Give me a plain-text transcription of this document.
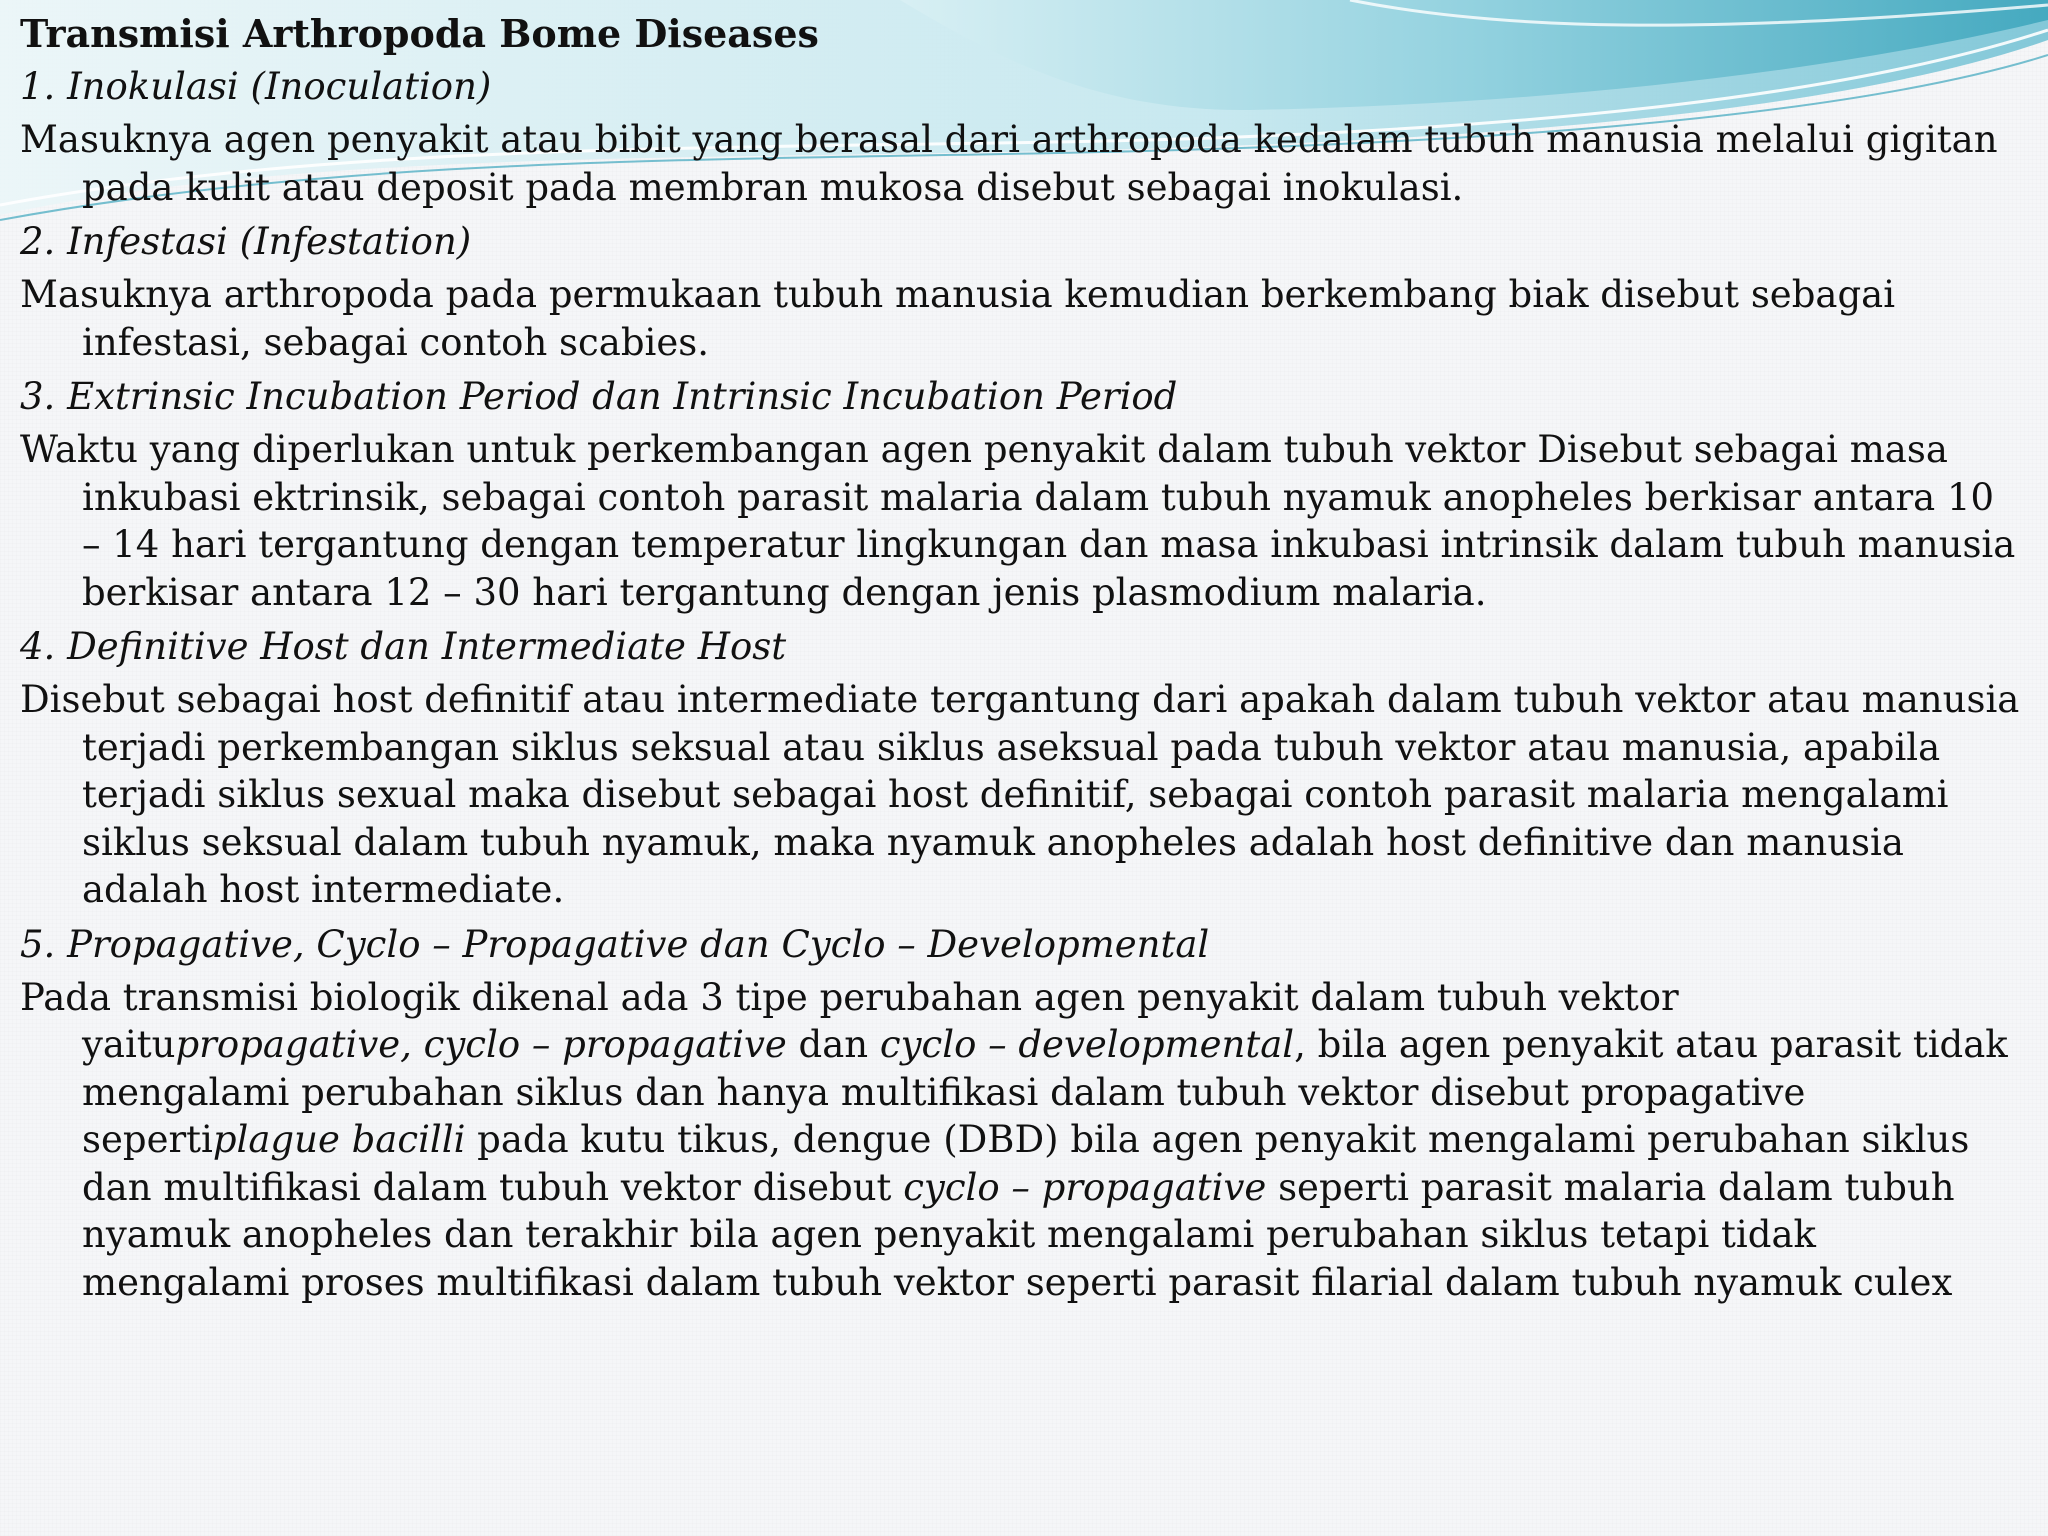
Transmisi Arthropoda Bome Diseases
1. Inokulasi (Inoculation)
Masuknya agen penyakit atau bibit yang berasal dari arthropoda kedalam tubuh manusia melalui gigitan pada kulit atau deposit pada membran mukosa disebut sebagai inokulasi.
2. Infestasi (Infestation)
Masuknya arthropoda pada permukaan tubuh manusia kemudian berkembang biak disebut sebagai infestasi, sebagai contoh scabies.
3. Extrinsic Incubation Period dan Intrinsic Incubation Period
Waktu yang diperlukan untuk perkembangan agen penyakit dalam tubuh vektor Disebut sebagai masa inkubasi ektrinsik, sebagai contoh parasit malaria dalam tubuh nyamuk anopheles berkisar antara 10 – 14 hari tergantung dengan temperatur lingkungan dan masa inkubasi intrinsik dalam tubuh manusia berkisar antara 12 – 30 hari tergantung dengan jenis plasmodium malaria.
4. Definitive Host dan Intermediate Host
Disebut sebagai host definitif atau intermediate tergantung dari apakah dalam tubuh vektor atau manusia terjadi perkembangan siklus seksual atau siklus aseksual pada tubuh vektor atau manusia, apabila terjadi siklus sexual maka disebut sebagai host definitif, sebagai contoh parasit malaria mengalami siklus seksual dalam tubuh nyamuk, maka nyamuk anopheles adalah host definitive dan manusia adalah host intermediate.
5. Propagative, Cyclo – Propagative dan Cyclo – Developmental
Pada transmisi biologik dikenal ada 3 tipe perubahan agen penyakit dalam tubuh vektor yaitupropagative, cyclo – propagative dan cyclo – developmental, bila agen penyakit atau parasit tidak mengalami perubahan siklus dan hanya multifikasi dalam tubuh vektor disebut propagative sepertiplague bacilli pada kutu tikus, dengue (DBD) bila agen penyakit mengalami perubahan siklus dan multifikasi dalam tubuh vektor disebut cyclo – propagative seperti parasit malaria dalam tubuh nyamuk anopheles dan terakhir bila agen penyakit mengalami perubahan siklus tetapi tidak mengalami proses multifikasi dalam tubuh vektor seperti parasit filarial dalam tubuh nyamuk culex
